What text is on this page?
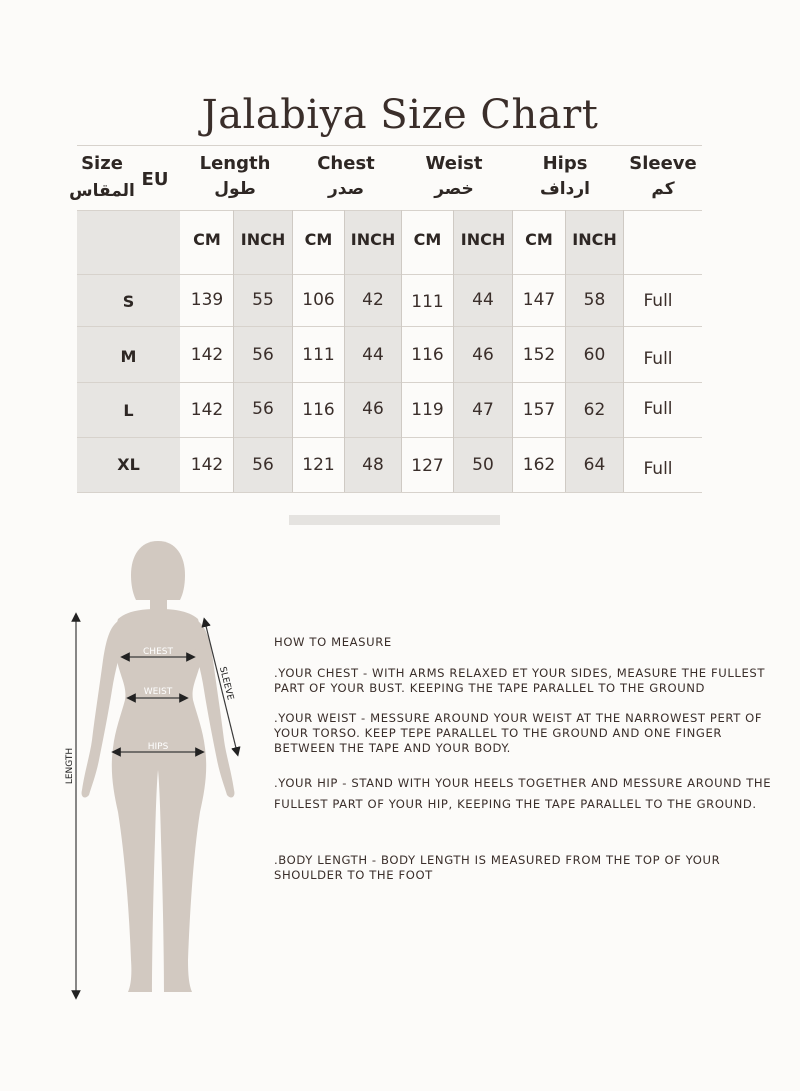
Jalabiya Size Chart
Size
المقاس
EU
Length
طول
Chest
صدر
Weist
خصر
Hips
ارداف
Sleeve
كم
CM	INCH	CM	INCH	CM	INCH	CM	INCH
S	139	55	106	42	111	44	147	58	Full
M	142	56	111	44	116	46	152	60	Full
L	142	56	116	46	119	47	157	62	Full
XL	142	56	121	48	127	50	162	64	Full
CHEST
WEIST
HIPS
SLEEVE
LENGTH
HOW TO MEASURE
.YOUR CHEST - WITH ARMS RELAXED ET YOUR SIDES, MEASURE THE FULLEST PART OF YOUR BUST. KEEPING THE TAPE PARALLEL TO THE GROUND
.YOUR WEIST - MESSURE AROUND YOUR WEIST AT THE NARROWEST PERT OF YOUR TORSO. KEEP TEPE PARALLEL TO THE GROUND AND ONE FINGER BETWEEN THE TAPE AND YOUR BODY.
.YOUR HIP - STAND WITH YOUR HEELS TOGETHER AND MESSURE AROUND THE FULLEST PART OF YOUR HIP, KEEPING THE TAPE PARALLEL TO THE GROUND.
.BODY LENGTH - BODY LENGTH IS MEASURED FROM THE TOP OF YOUR SHOULDER TO THE FOOT
